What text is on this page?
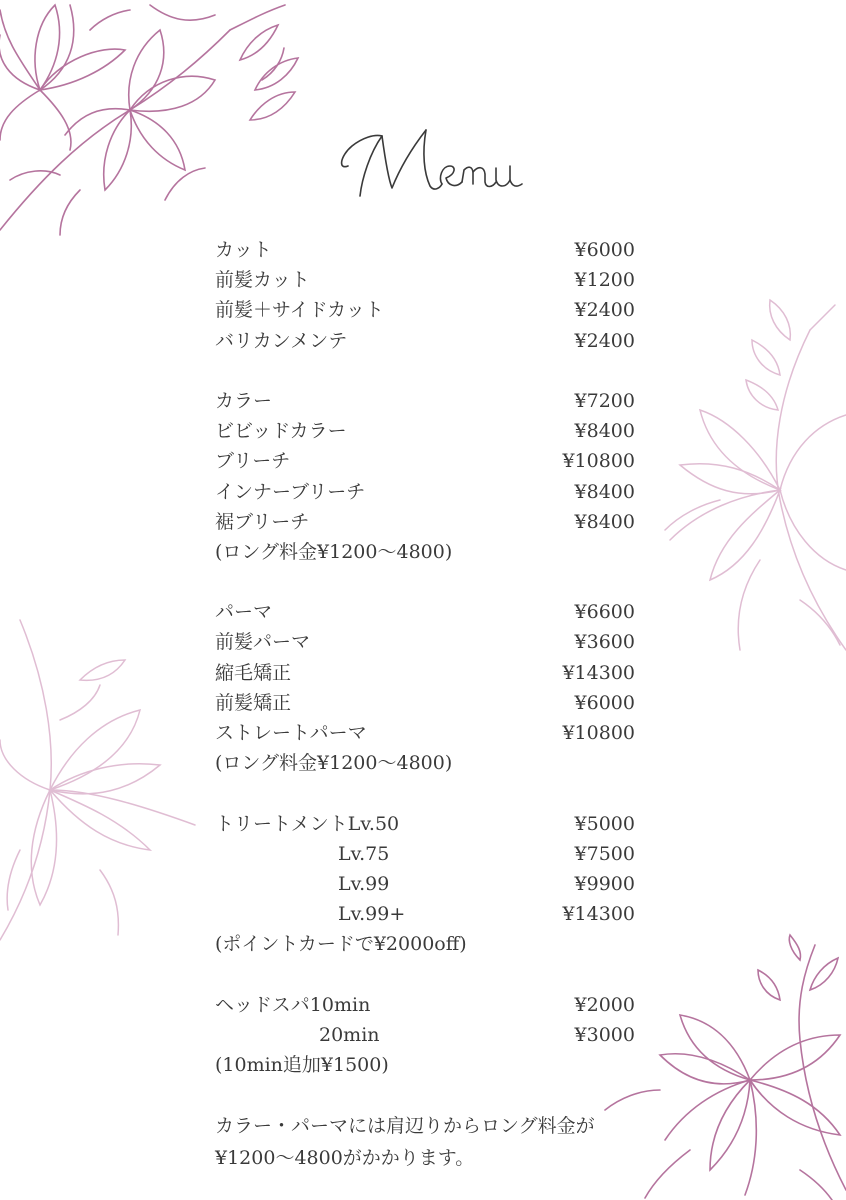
カット	¥6000
前髪カット	¥1200
前髪＋サイドカット	¥2400
バリカンメンテ	¥2400
カラー	¥7200
ビビッドカラー	¥8400
ブリーチ	¥10800
インナーブリーチ	¥8400
裾ブリーチ	¥8400
(ロング料金¥1200〜4800)
パーマ	¥6600
前髪パーマ	¥3600
縮毛矯正	¥14300
前髪矯正	¥6000
ストレートパーマ	¥10800
(ロング料金¥1200〜4800)
トリートメントLv.50	¥5000
Lv.75	¥7500
Lv.99	¥9900
Lv.99+	¥14300
(ポイントカードで¥2000off)
ヘッドスパ10min	¥2000
20min	¥3000
(10min追加¥1500)
カラー・パーマには肩辺りからロング料金が
¥1200〜4800がかかります。
